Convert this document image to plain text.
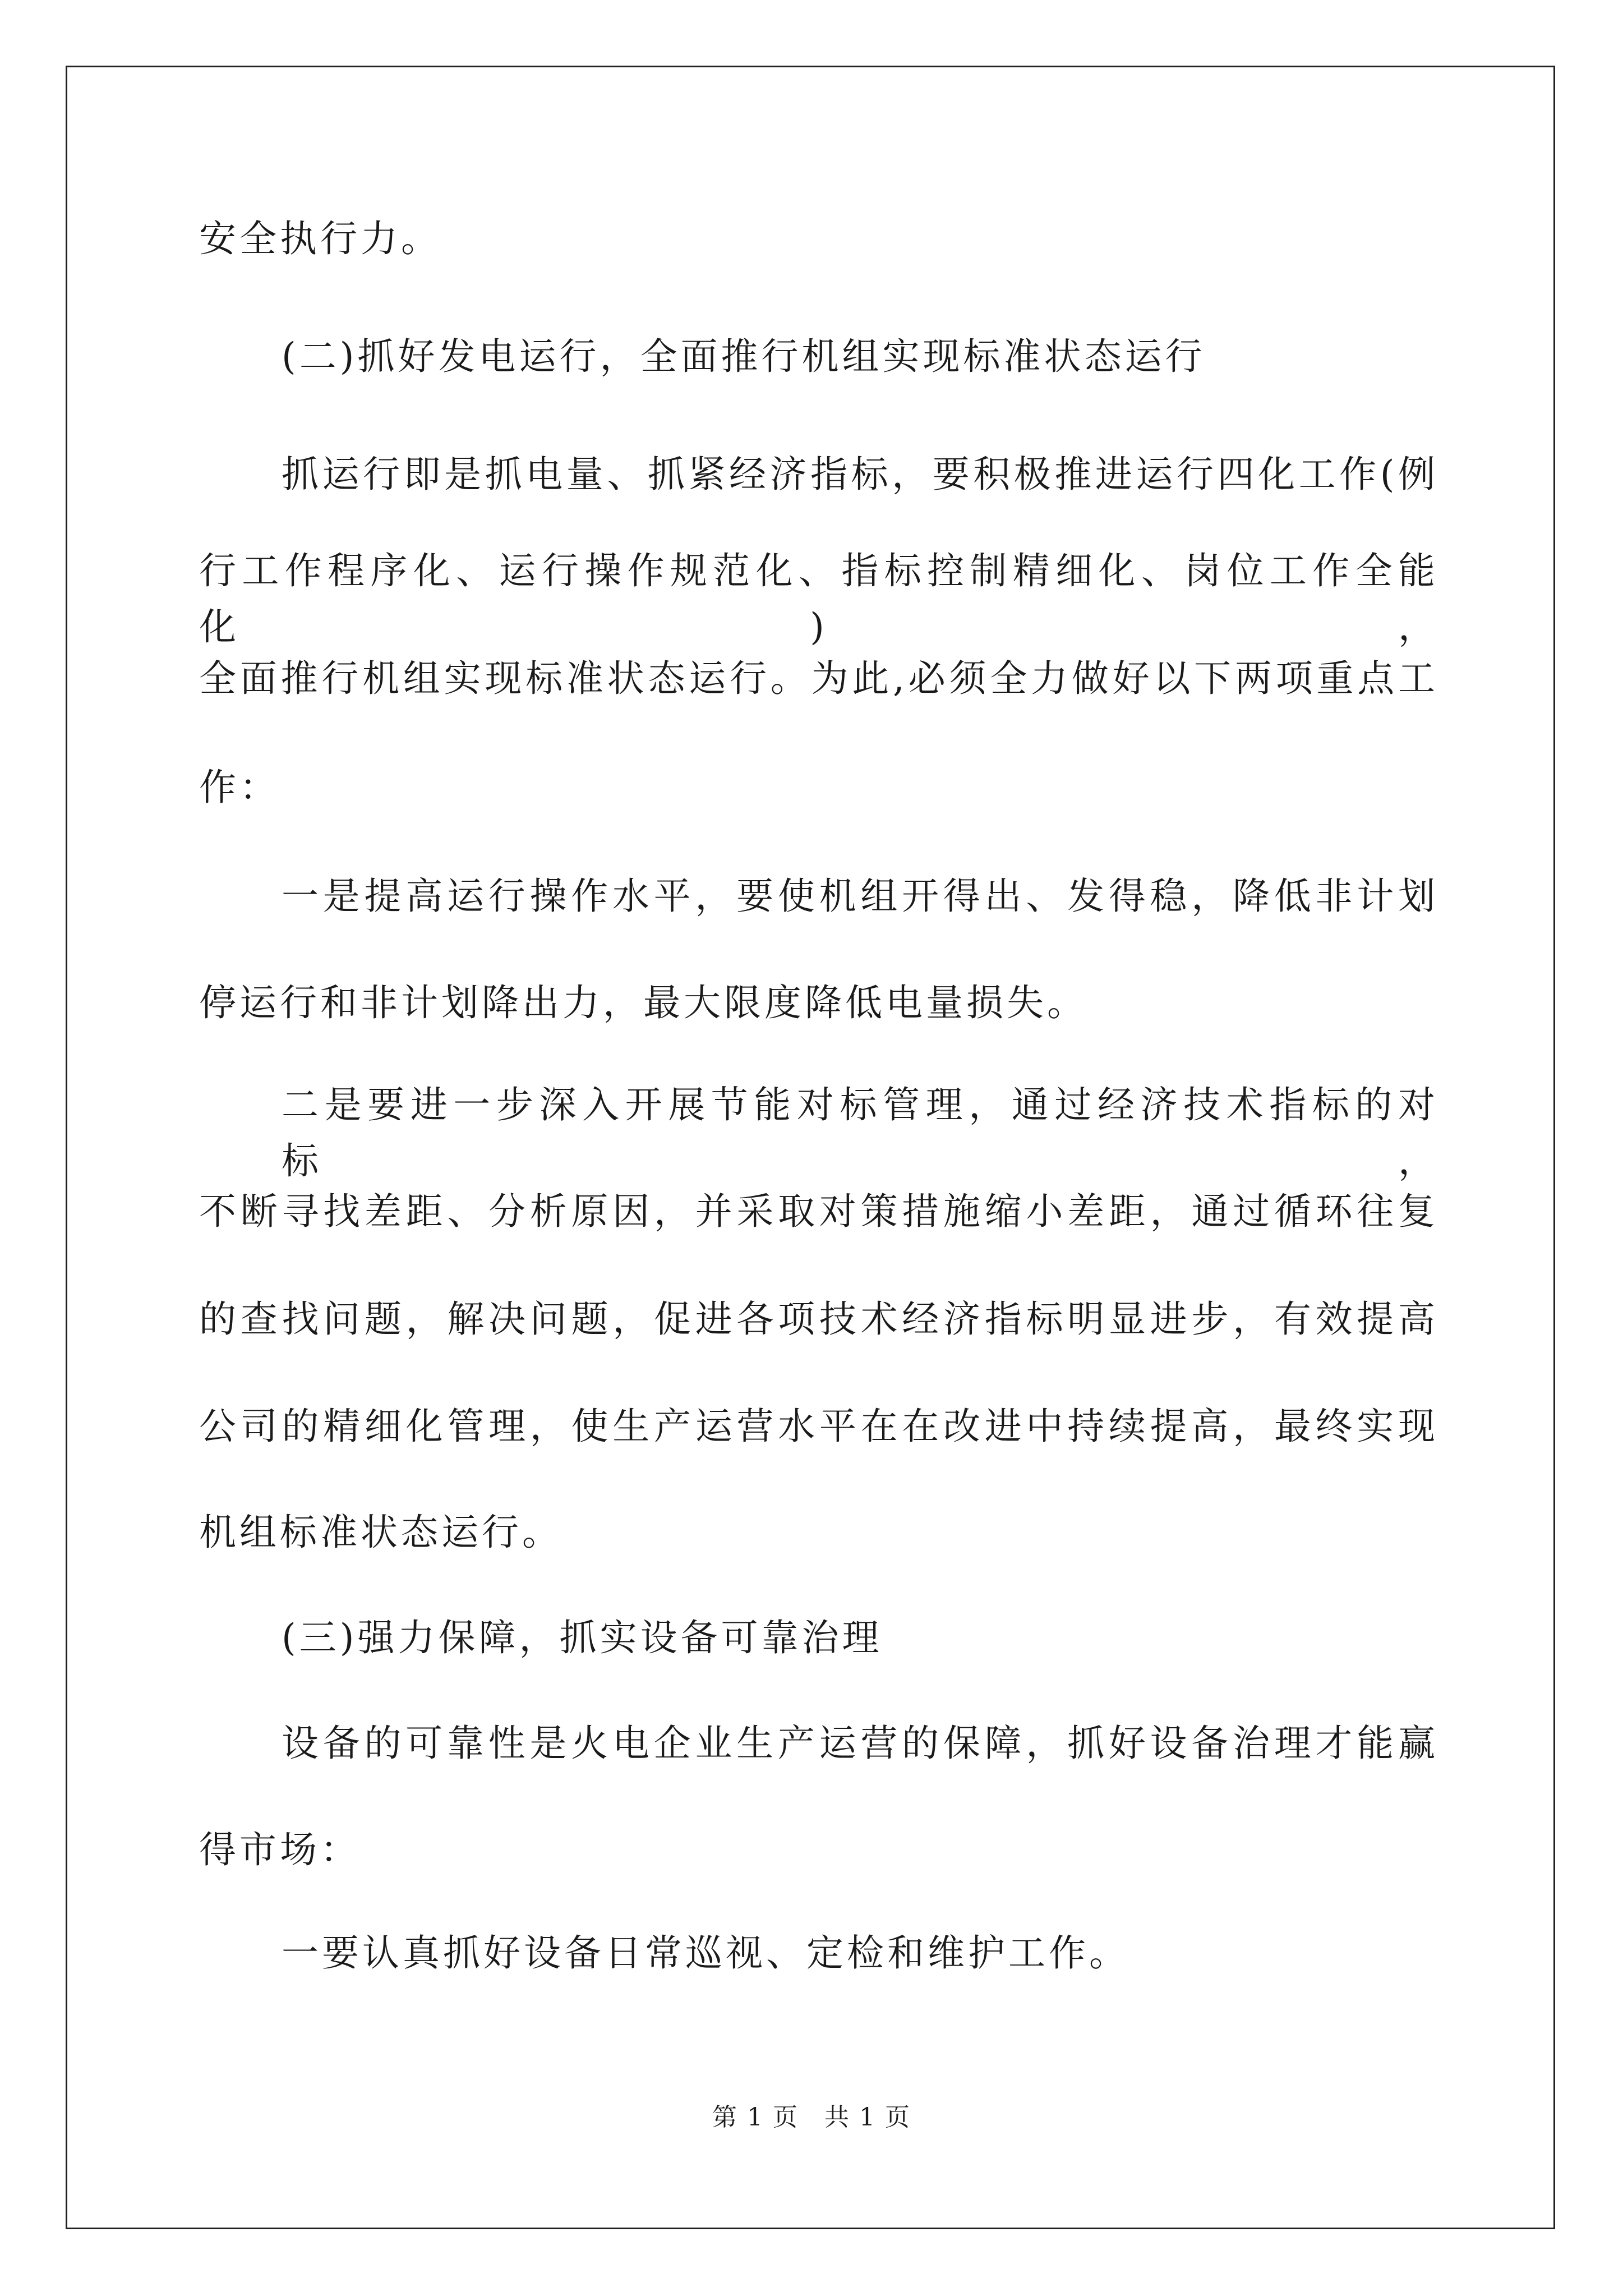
安全执行力。
(二)抓好发电运行，全面推行机组实现标准状态运行
抓运行即是抓电量、抓紧经济指标，要积极推进运行四化工作(例
行工作程序化、运行操作规范化、指标控制精细化、岗位工作全能化)，
全面推行机组实现标准状态运行。为此,必须全力做好以下两项重点工
作：
一是提高运行操作水平，要使机组开得出、发得稳，降低非计划
停运行和非计划降出力，最大限度降低电量损失。
二是要进一步深入开展节能对标管理，通过经济技术指标的对标，
不断寻找差距、分析原因，并采取对策措施缩小差距，通过循环往复
的查找问题，解决问题，促进各项技术经济指标明显进步，有效提高
公司的精细化管理，使生产运营水平在在改进中持续提高，最终实现
机组标准状态运行。
(三)强力保障，抓实设备可靠治理
设备的可靠性是火电企业生产运营的保障，抓好设备治理才能赢
得市场：
一要认真抓好设备日常巡视、定检和维护工作。
第 1 页　共 1 页
